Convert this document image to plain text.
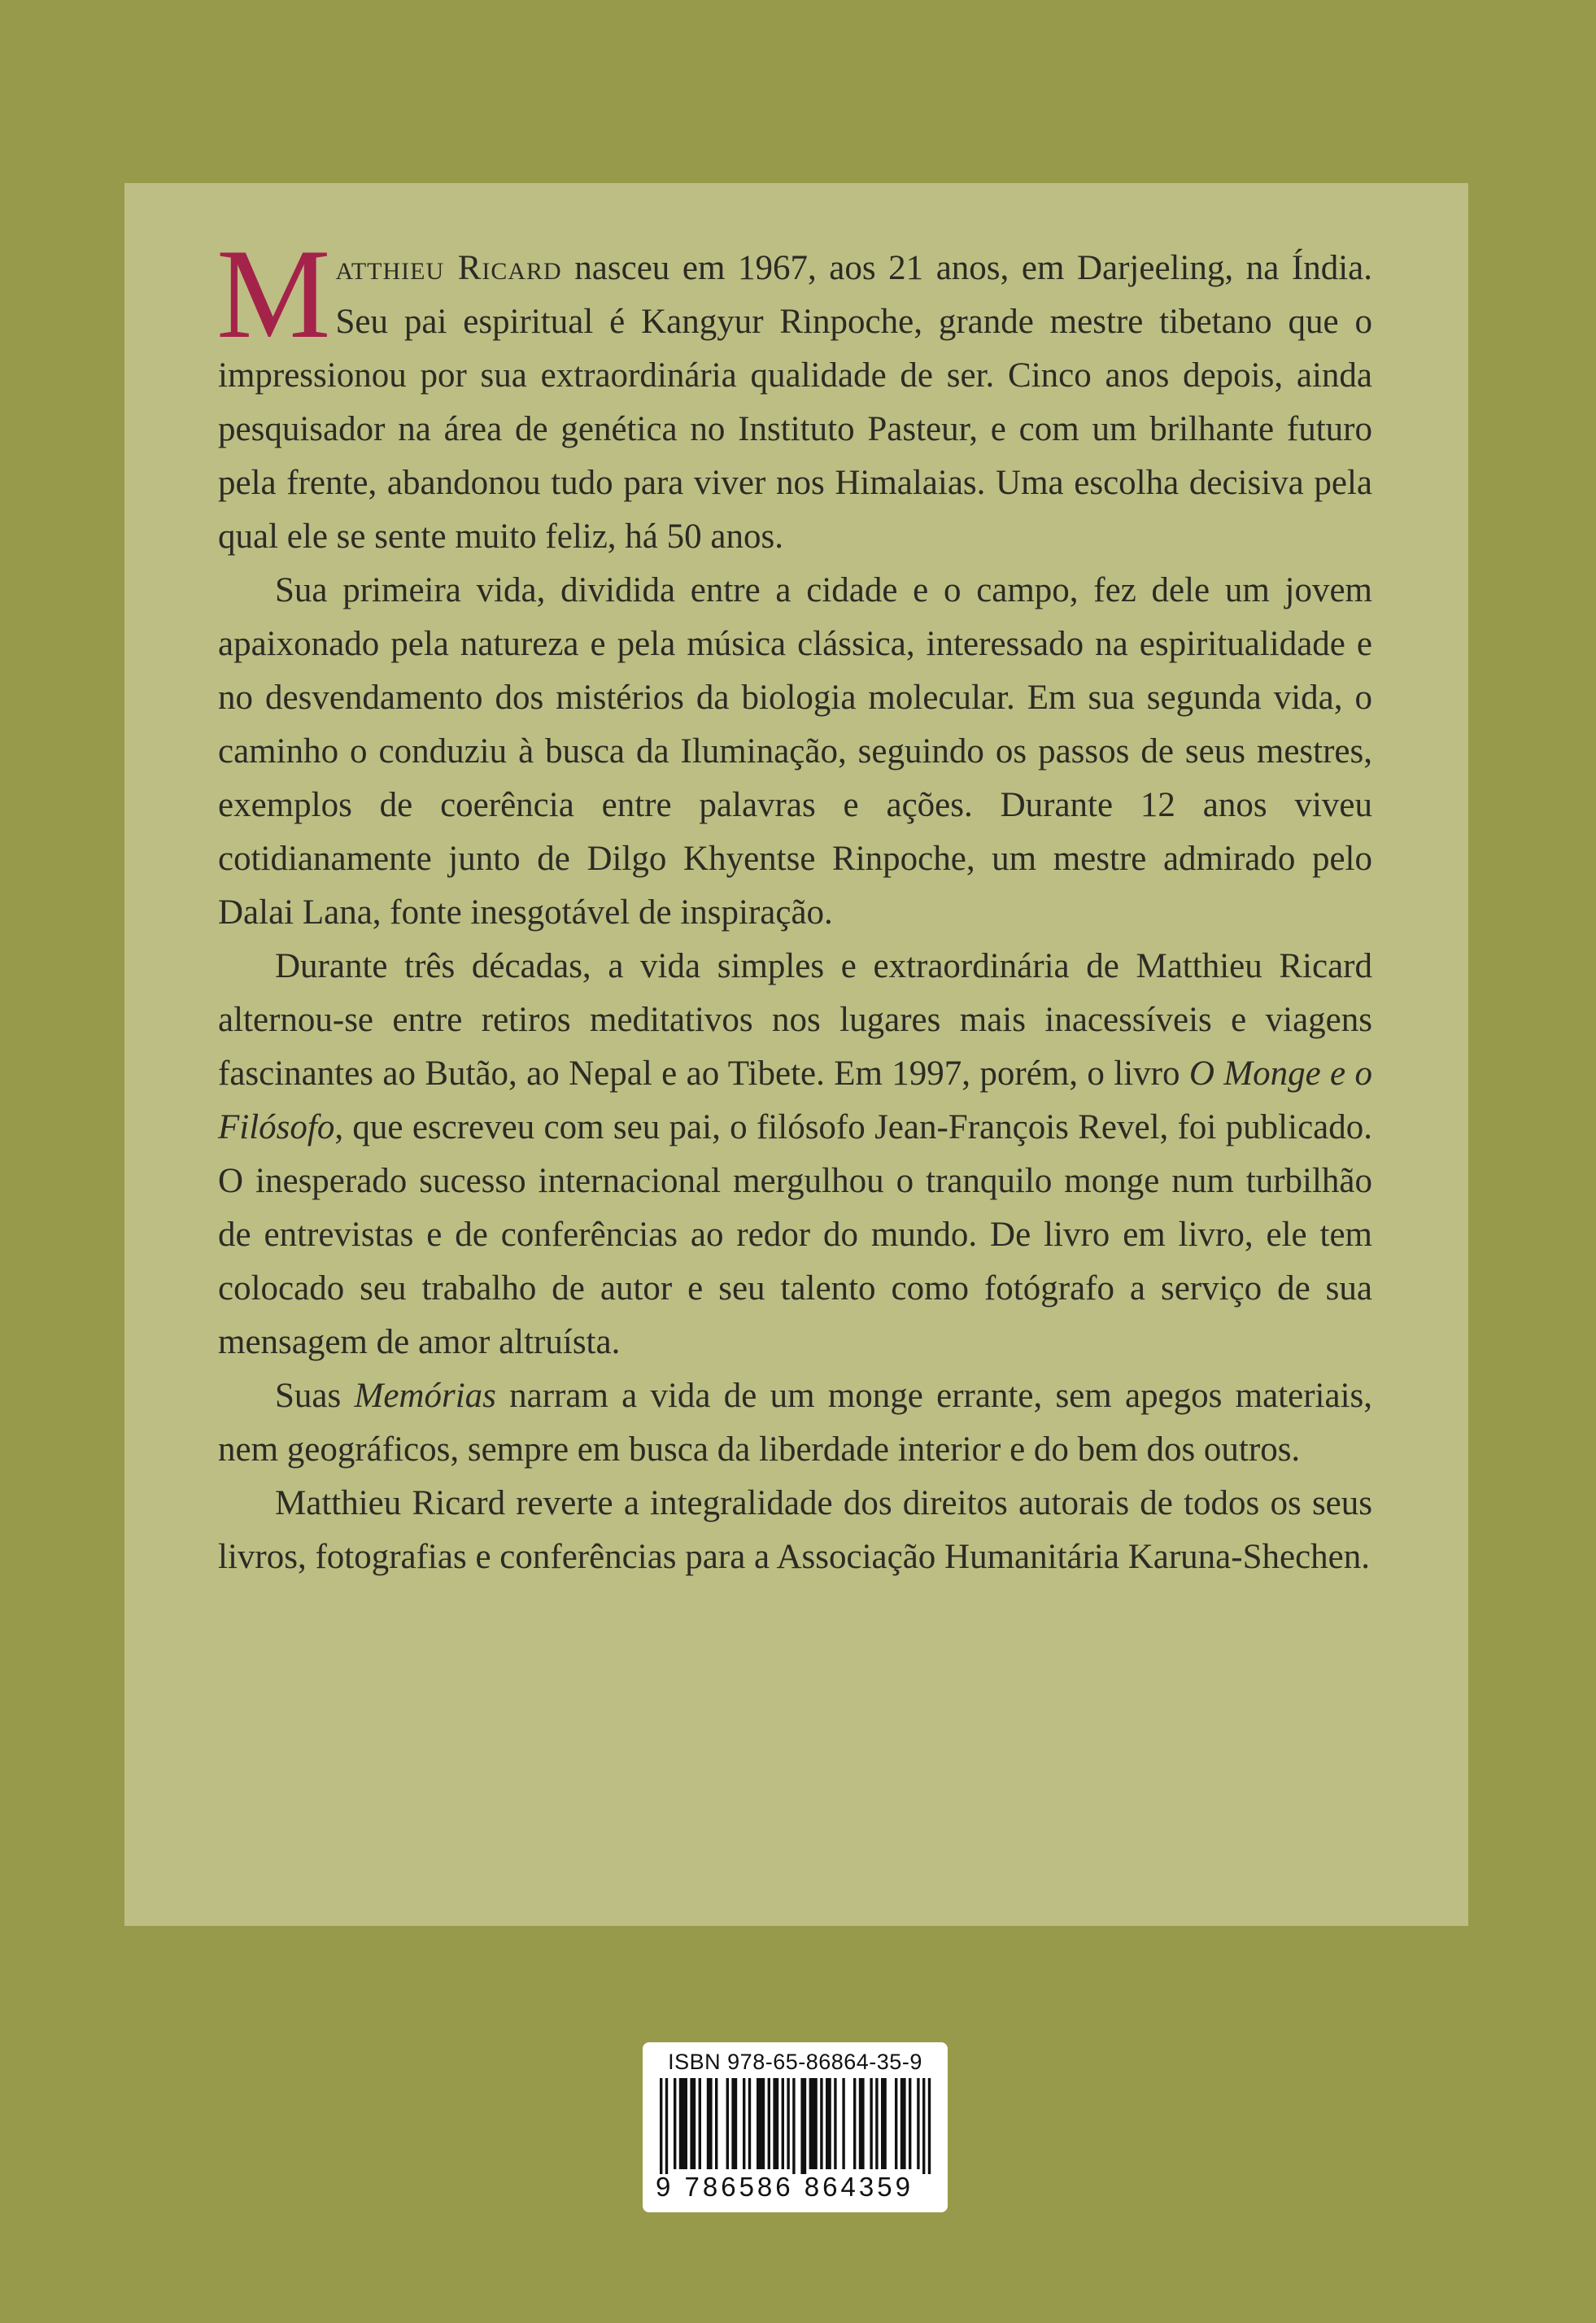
Matthieu Ricard nasceu em 1967, aos 21 anos, em Darjeeling, na Índia. Seu pai espiritual é Kangyur Rinpoche, grande mestre tibetano que o impressionou por sua extraordinária qualidade de ser. Cinco anos depois, ainda pesquisador na área de genética no Instituto Pasteur, e com um brilhante futuro pela frente, abandonou tudo para viver nos Himalaias. Uma escolha decisiva pela qual ele se sente muito feliz, há 50 anos.

Sua primeira vida, dividida entre a cidade e o campo, fez dele um jovem apaixonado pela natureza e pela música clássica, interessado na espiritualidade e no desvendamento dos mistérios da biologia molecular. Em sua segunda vida, o caminho o conduziu à busca da Iluminação, seguindo os passos de seus mestres, exemplos de coerência entre palavras e ações. Durante 12 anos viveu cotidianamente junto de Dilgo Khyentse Rinpoche, um mestre admirado pelo Dalai Lana, fonte inesgotável de inspiração.

Durante três décadas, a vida simples e extraordinária de Matthieu Ricard alternou-se entre retiros meditativos nos lugares mais inacessíveis e viagens fascinantes ao Butão, ao Nepal e ao Tibete. Em 1997, porém, o livro O Monge e o Filósofo, que escreveu com seu pai, o filósofo Jean-François Revel, foi publicado. O inesperado sucesso internacional mergulhou o tranquilo monge num turbilhão de entrevistas e de conferências ao redor do mundo. De livro em livro, ele tem colocado seu trabalho de autor e seu talento como fotógrafo a serviço de sua mensagem de amor altruísta.

Suas Memórias narram a vida de um monge errante, sem apegos materiais, nem geográficos, sempre em busca da liberdade interior e do bem dos outros.

Matthieu Ricard reverte a integralidade dos direitos autorais de todos os seus livros, fotografias e conferências para a Associação Humanitária Karuna-Shechen.

ISBN 978-65-86864-35-9
9 786586 864359
